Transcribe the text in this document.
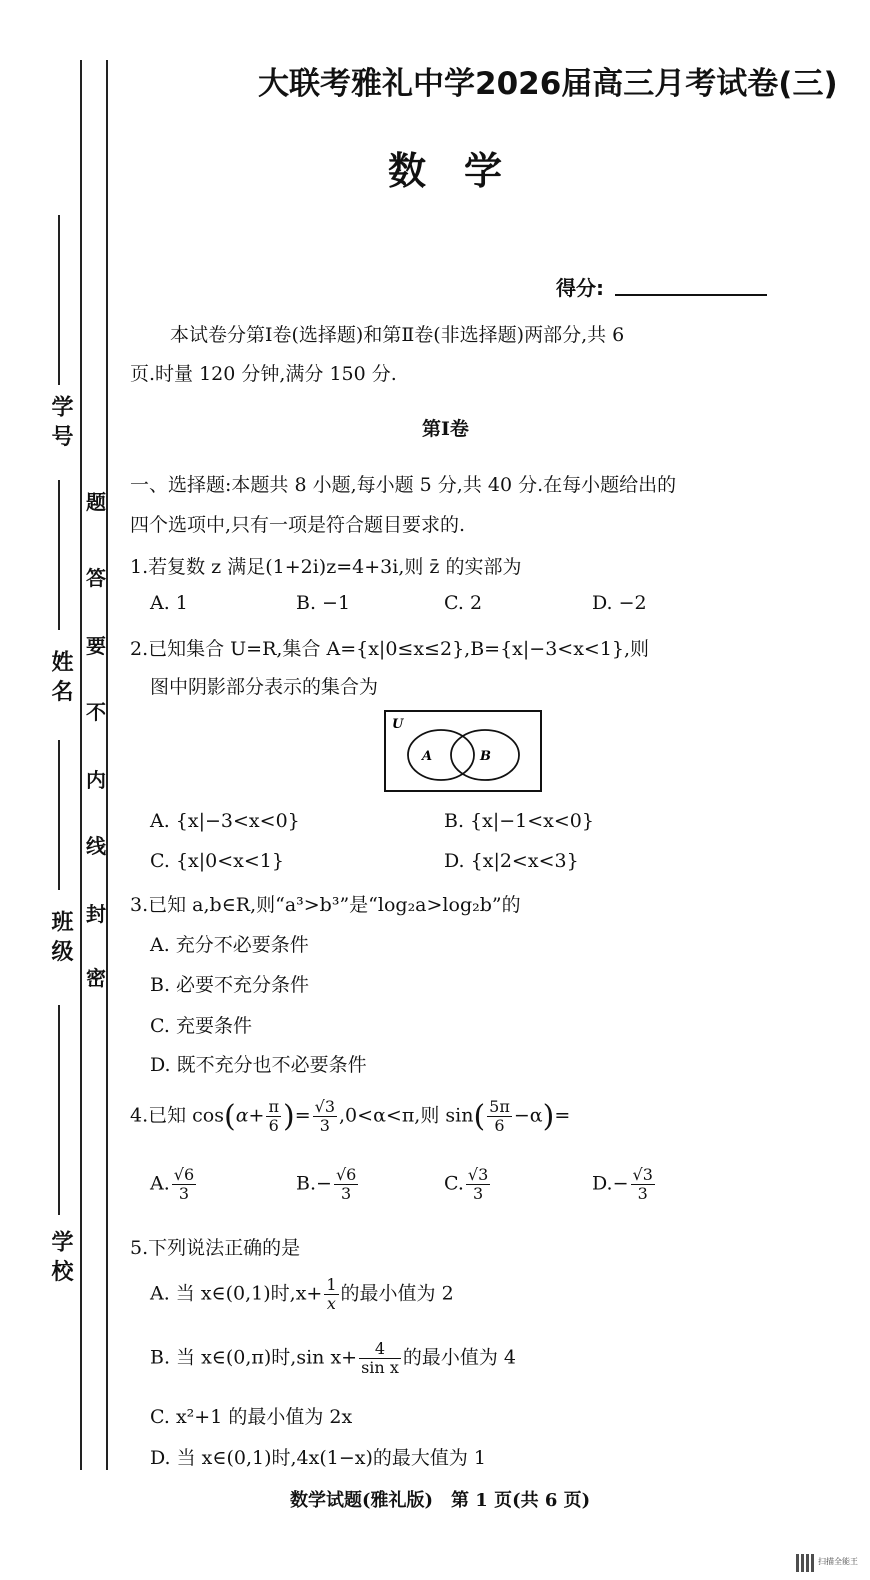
学 号
姓 名
班 级
学 校
题
答
要
不
内
线
封
密
大联考雅礼中学2026届高三月考试卷(三)
数　学
得分:
本试卷分第Ⅰ卷(选择题)和第Ⅱ卷(非选择题)两部分,共 6
页.时量 120 分钟,满分 150 分.
第Ⅰ卷
一、选择题:本题共 8 小题,每小题 5 分,共 40 分.在每小题给出的
四个选项中,只有一项是符合题目要求的.
1.若复数 z 满足(1+2i)z=4+3i,则 z̄ 的实部为
A. 1	B. −1	C. 2	D. −2
2.已知集合 U=R,集合 A={x|0≤x≤2},B={x|−3<x<1},则
图中阴影部分表示的集合为
U
A	B
A. {x|−3<x<0}	B. {x|−1<x<0}
C. {x|0<x<1}	D. {x|2<x<3}
3.已知 a,b∈R,则“a³>b³”是“log₂a>log₂b”的
A. 充分不必要条件
B. 必要不充分条件
C. 充要条件
D. 既不充分也不必要条件
4.已知 $\cos(\alpha+ \frac{\pi}{6}$ )= $\frac{√3}{3} ,0<\alpha<\pi$,则 $\sin( \frac{5\pi}{6} -\alpha)=$
A. $\frac{√6}{3}$	$B.- \frac{√6}{3}$	C. $\frac{√3}{3}$	$D.- \frac{√3}{3}$
5.下列说法正确的是
A. 当 x∈(0,1)时$,x+ \frac{1}{x}$ 的最小值为 2
B. 当 x∈(0,π)时,sin $x+ \frac{4}{\text{sin x}}$ 的最小值为 4
C. x²+1 的最小值为 2x
D. 当 x∈(0,1)时,4x(1−x)的最大值为 1
数学试题(雅礼版)　第 1 页(共 6 页)
扫描全能王
